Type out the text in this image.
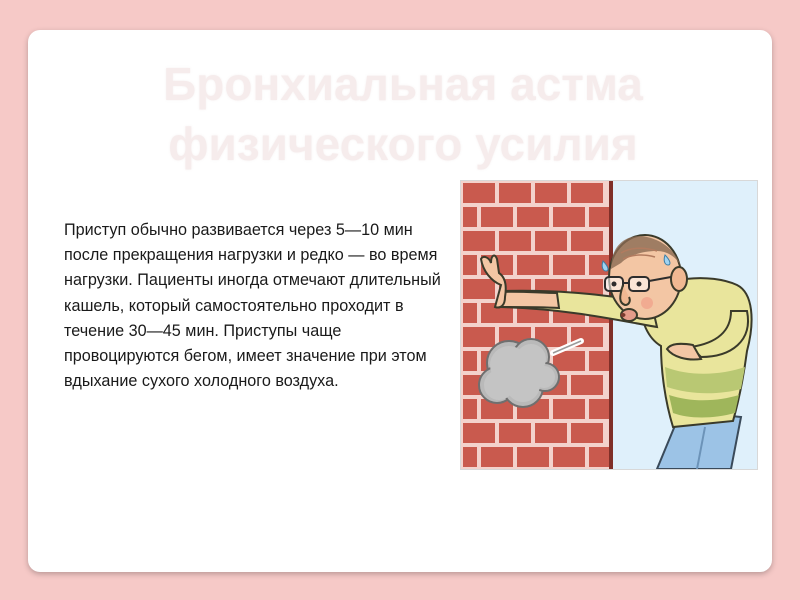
Бронхиальная астма физического усилия

Приступ обычно развивается через 5—10 мин после прекращения нагрузки и редко — во время нагрузки. Пациенты иногда отмечают длительный кашель, который самостоятельно проходит в течение 30—45 мин. Приступы чаще провоцируются бегом, имеет значение при этом вдыхание сухого холодного воздуха.
